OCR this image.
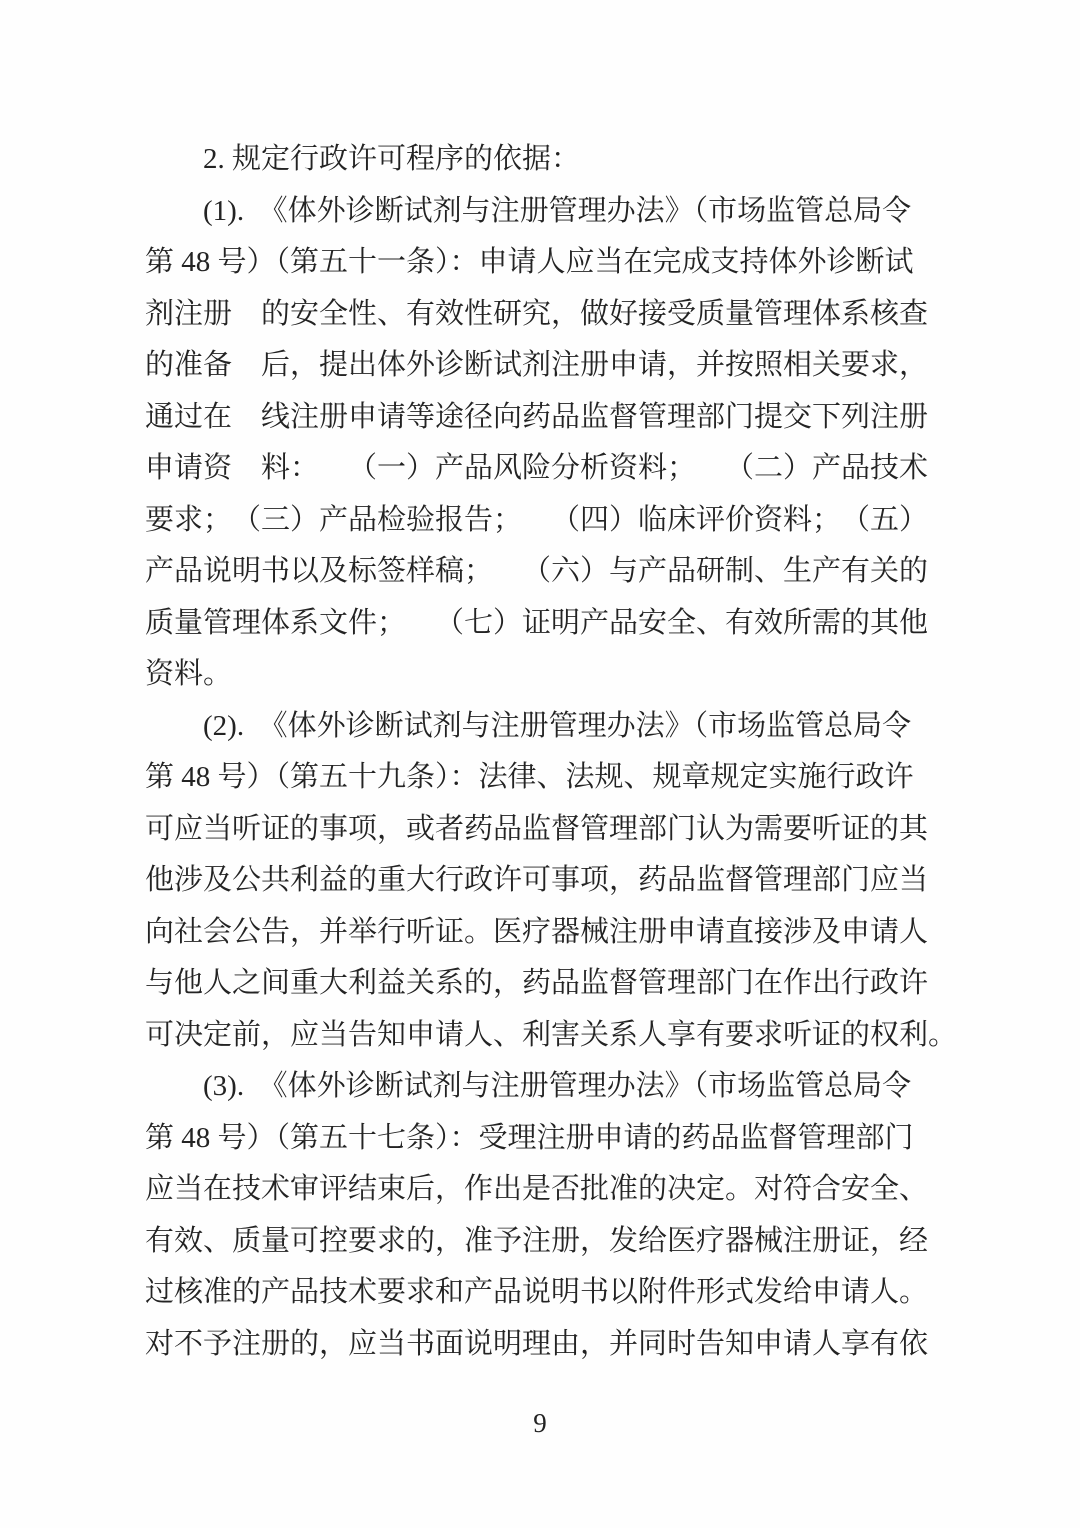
2. 规定行政许可程序的依据：
(1).　《体外诊断试剂与注册管理办法》（市场监管总局令
第 48 号）（第五十一条）：申请人应当在完成支持体外诊断试
剂注册　的安全性、有效性研究，做好接受质量管理体系核查
的准备　后，提出体外诊断试剂注册申请，并按照相关要求，
通过在　线注册申请等途径向药品监督管理部门提交下列注册
申请资　料：　　（一）产品风险分析资料；　　（二）产品技术
要求；　（三）产品检验报告；　　（四）临床评价资料；　（五）
产品说明书以及标签样稿；　　（六）与产品研制、生产有关的
质量管理体系文件；　　（七）证明产品安全、有效所需的其他
资料。
(2).　《体外诊断试剂与注册管理办法》（市场监管总局令
第 48 号）（第五十九条）：法律、法规、规章规定实施行政许
可应当听证的事项，或者药品监督管理部门认为需要听证的其
他涉及公共利益的重大行政许可事项，药品监督管理部门应当
向社会公告，并举行听证。医疗器械注册申请直接涉及申请人
与他人之间重大利益关系的，药品监督管理部门在作出行政许
可决定前，应当告知申请人、利害关系人享有要求听证的权利。
(3).　《体外诊断试剂与注册管理办法》（市场监管总局令
第 48 号）（第五十七条）：受理注册申请的药品监督管理部门
应当在技术审评结束后，作出是否批准的决定。对符合安全、
有效、质量可控要求的，准予注册，发给医疗器械注册证，经
过核准的产品技术要求和产品说明书以附件形式发给申请人。
对不予注册的，应当书面说明理由，并同时告知申请人享有依
9
